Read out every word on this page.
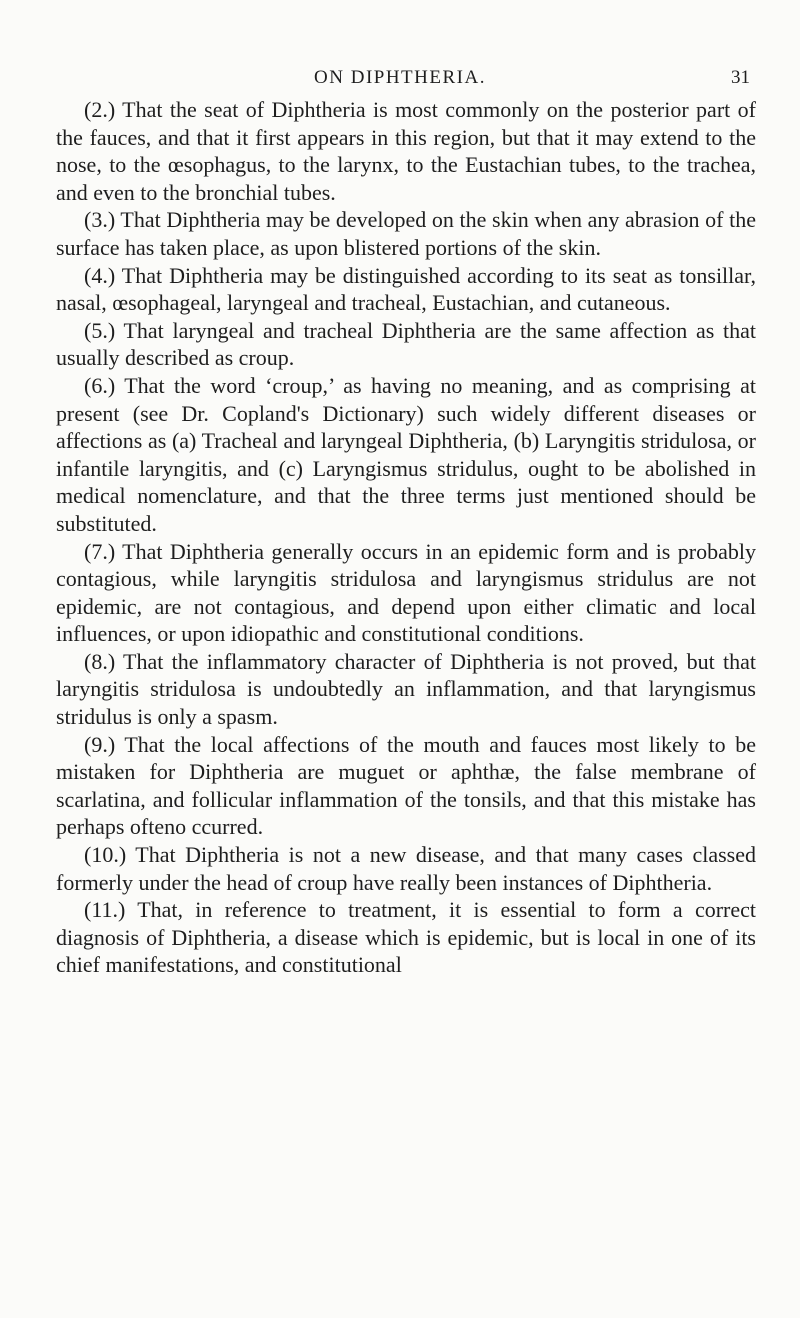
ON DIPHTHERIA.	31

(2.) That the seat of Diphtheria is most commonly on the posterior part of the fauces, and that it first appears in this region, but that it may extend to the nose, to the œsophagus, to the larynx, to the Eustachian tubes, to the trachea, and even to the bronchial tubes.

(3.) That Diphtheria may be developed on the skin when any abrasion of the surface has taken place, as upon blistered portions of the skin.

(4.) That Diphtheria may be distinguished according to its seat as tonsillar, nasal, œsophageal, laryngeal and tracheal, Eustachian, and cutaneous.

(5.) That laryngeal and tracheal Diphtheria are the same affection as that usually described as croup.

(6.) That the word ‘croup,’ as having no meaning, and as comprising at present (see Dr. Copland's Dictionary) such widely different diseases or affections as (a) Tracheal and laryngeal Diphtheria, (b) Laryngitis stridulosa, or infantile laryngitis, and (c) Laryngismus stridulus, ought to be abolished in medical nomenclature, and that the three terms just mentioned should be substituted.

(7.) That Diphtheria generally occurs in an epidemic form and is probably contagious, while laryngitis stridulosa and laryngismus stridulus are not epidemic, are not contagious, and depend upon either climatic and local influences, or upon idiopathic and constitutional conditions.

(8.) That the inflammatory character of Diphtheria is not proved, but that laryngitis stridulosa is undoubtedly an inflammation, and that laryngismus stridulus is only a spasm.

(9.) That the local affections of the mouth and fauces most likely to be mistaken for Diphtheria are muguet or aphthæ, the false membrane of scarlatina, and follicular inflammation of the tonsils, and that this mistake has perhaps ofteno ccurred.

(10.) That Diphtheria is not a new disease, and that many cases classed formerly under the head of croup have really been instances of Diphtheria.

(11.) That, in reference to treatment, it is essential to form a correct diagnosis of Diphtheria, a disease which is epidemic, but is local in one of its chief manifestations, and constitutional
